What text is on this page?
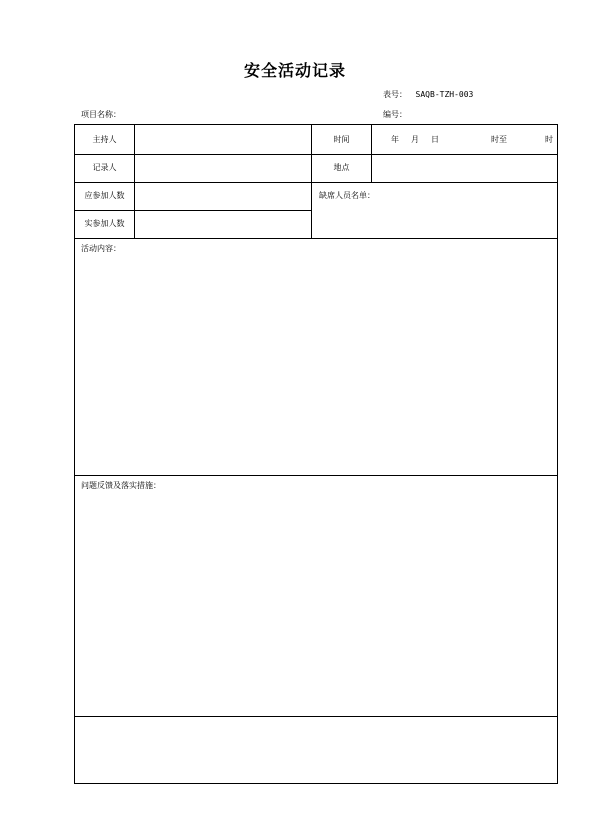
安全活动记录
表号： SAQB-TZH-003
项目名称：	编号：
主持人	时间	年 月 日	时至	时
记录人	地点
应参加人数	缺席人员名单：
实参加人数
活动内容：
问题反馈及落实措施：
